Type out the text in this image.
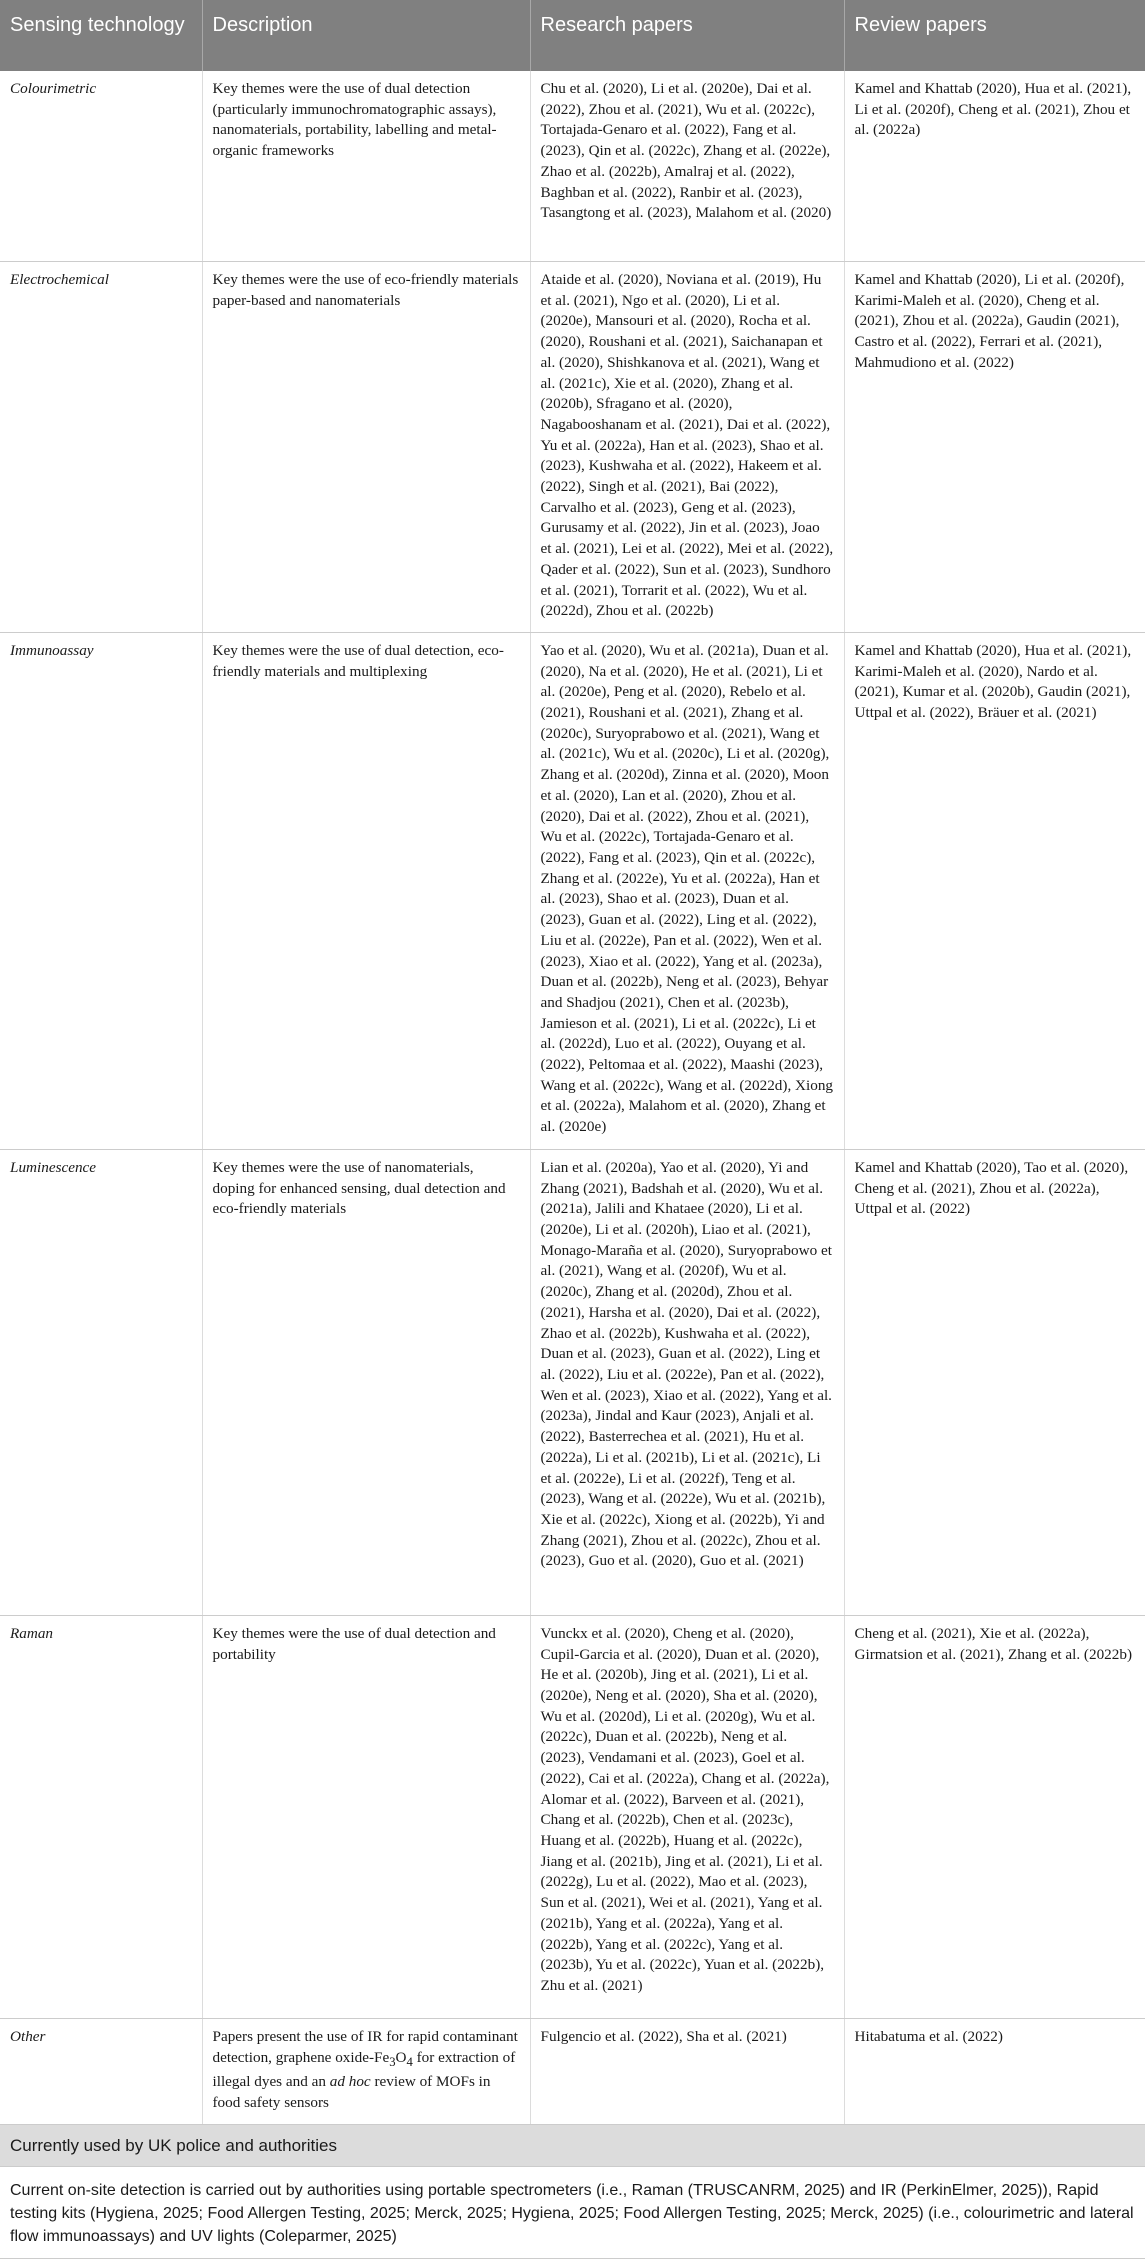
Sensing technology	Description	Research papers	Review papers
Colourimetric	Key themes were the use of dual detection (particularly immunochromatographic assays), nanomaterials, portability, labelling and metal-organic frameworks	Chu et al. (2020), Li et al. (2020e), Dai et al. (2022), Zhou et al. (2021), Wu et al. (2022c), Tortajada-Genaro et al. (2022), Fang et al. (2023), Qin et al. (2022c), Zhang et al. (2022e), Zhao et al. (2022b), Amalraj et al. (2022), Baghban et al. (2022), Ranbir et al. (2023), Tasangtong et al. (2023), Malahom et al. (2020)	Kamel and Khattab (2020), Hua et al. (2021), Li et al. (2020f), Cheng et al. (2021), Zhou et al. (2022a)
Electrochemical	Key themes were the use of eco-friendly materials paper-based and nanomaterials	Ataide et al. (2020), Noviana et al. (2019), Hu et al. (2021), Ngo et al. (2020), Li et al. (2020e), Mansouri et al. (2020), Rocha et al. (2020), Roushani et al. (2021), Saichanapan et al. (2020), Shishkanova et al. (2021), Wang et al. (2021c), Xie et al. (2020), Zhang et al. (2020b), Sfragano et al. (2020), Nagabooshanam et al. (2021), Dai et al. (2022), Yu et al. (2022a), Han et al. (2023), Shao et al. (2023), Kushwaha et al. (2022), Hakeem et al. (2022), Singh et al. (2021), Bai (2022), Carvalho et al. (2023), Geng et al. (2023), Gurusamy et al. (2022), Jin et al. (2023), Joao et al. (2021), Lei et al. (2022), Mei et al. (2022), Qader et al. (2022), Sun et al. (2023), Sundhoro et al. (2021), Torrarit et al. (2022), Wu et al. (2022d), Zhou et al. (2022b)	Kamel and Khattab (2020), Li et al. (2020f), Karimi-Maleh et al. (2020), Cheng et al. (2021), Zhou et al. (2022a), Gaudin (2021), Castro et al. (2022), Ferrari et al. (2021), Mahmudiono et al. (2022)
Immunoassay	Key themes were the use of dual detection, eco-friendly materials and multiplexing	Yao et al. (2020), Wu et al. (2021a), Duan et al. (2020), Na et al. (2020), He et al. (2021), Li et al. (2020e), Peng et al. (2020), Rebelo et al. (2021), Roushani et al. (2021), Zhang et al. (2020c), Suryoprabowo et al. (2021), Wang et al. (2021c), Wu et al. (2020c), Li et al. (2020g), Zhang et al. (2020d), Zinna et al. (2020), Moon et al. (2020), Lan et al. (2020), Zhou et al. (2020), Dai et al. (2022), Zhou et al. (2021), Wu et al. (2022c), Tortajada-Genaro et al. (2022), Fang et al. (2023), Qin et al. (2022c), Zhang et al. (2022e), Yu et al. (2022a), Han et al. (2023), Shao et al. (2023), Duan et al. (2023), Guan et al. (2022), Ling et al. (2022), Liu et al. (2022e), Pan et al. (2022), Wen et al. (2023), Xiao et al. (2022), Yang et al. (2023a), Duan et al. (2022b), Neng et al. (2023), Behyar and Shadjou (2021), Chen et al. (2023b), Jamieson et al. (2021), Li et al. (2022c), Li et al. (2022d), Luo et al. (2022), Ouyang et al. (2022), Peltomaa et al. (2022), Maashi (2023), Wang et al. (2022c), Wang et al. (2022d), Xiong et al. (2022a), Malahom et al. (2020), Zhang et al. (2020e)	Kamel and Khattab (2020), Hua et al. (2021), Karimi-Maleh et al. (2020), Nardo et al. (2021), Kumar et al. (2020b), Gaudin (2021), Uttpal et al. (2022), Bräuer et al. (2021)
Luminescence	Key themes were the use of nanomaterials, doping for enhanced sensing, dual detection and eco-friendly materials	Lian et al. (2020a), Yao et al. (2020), Yi and Zhang (2021), Badshah et al. (2020), Wu et al. (2021a), Jalili and Khataee (2020), Li et al. (2020e), Li et al. (2020h), Liao et al. (2021), Monago-Maraña et al. (2020), Suryoprabowo et al. (2021), Wang et al. (2020f), Wu et al. (2020c), Zhang et al. (2020d), Zhou et al. (2021), Harsha et al. (2020), Dai et al. (2022), Zhao et al. (2022b), Kushwaha et al. (2022), Duan et al. (2023), Guan et al. (2022), Ling et al. (2022), Liu et al. (2022e), Pan et al. (2022), Wen et al. (2023), Xiao et al. (2022), Yang et al. (2023a), Jindal and Kaur (2023), Anjali et al. (2022), Basterrechea et al. (2021), Hu et al. (2022a), Li et al. (2021b), Li et al. (2021c), Li et al. (2022e), Li et al. (2022f), Teng et al. (2023), Wang et al. (2022e), Wu et al. (2021b), Xie et al. (2022c), Xiong et al. (2022b), Yi and Zhang (2021), Zhou et al. (2022c), Zhou et al. (2023), Guo et al. (2020), Guo et al. (2021)	Kamel and Khattab (2020), Tao et al. (2020), Cheng et al. (2021), Zhou et al. (2022a), Uttpal et al. (2022)
Raman	Key themes were the use of dual detection and portability	Vunckx et al. (2020), Cheng et al. (2020), Cupil-Garcia et al. (2020), Duan et al. (2020), He et al. (2020b), Jing et al. (2021), Li et al. (2020e), Neng et al. (2020), Sha et al. (2020), Wu et al. (2020d), Li et al. (2020g), Wu et al. (2022c), Duan et al. (2022b), Neng et al. (2023), Vendamani et al. (2023), Goel et al. (2022), Cai et al. (2022a), Chang et al. (2022a), Alomar et al. (2022), Barveen et al. (2021), Chang et al. (2022b), Chen et al. (2023c), Huang et al. (2022b), Huang et al. (2022c), Jiang et al. (2021b), Jing et al. (2021), Li et al. (2022g), Lu et al. (2022), Mao et al. (2023), Sun et al. (2021), Wei et al. (2021), Yang et al. (2021b), Yang et al. (2022a), Yang et al. (2022b), Yang et al. (2022c), Yang et al. (2023b), Yu et al. (2022c), Yuan et al. (2022b), Zhu et al. (2021)	Cheng et al. (2021), Xie et al. (2022a), Girmatsion et al. (2021), Zhang et al. (2022b)
Other	Papers present the use of IR for rapid contaminant detection, graphene oxide-$Fe_3O_4$ for extraction of illegal dyes and an ad hoc review of MOFs in food safety sensors	Fulgencio et al. (2022), Sha et al. (2021)	Hitabatuma et al. (2022)
Currently used by UK police and authorities			
Current on-site detection is carried out by authorities using portable spectrometers (i.e., Raman (TRUSCANRM, 2025) and IR (PerkinElmer, 2025)), Rapid testing kits (Hygiena, 2025; Food Allergen Testing, 2025; Merck, 2025; Hygiena, 2025; Food Allergen Testing, 2025; Merck, 2025) (i.e., colourimetric and lateral flow immunoassays) and UV lights (Coleparmer, 2025)			
